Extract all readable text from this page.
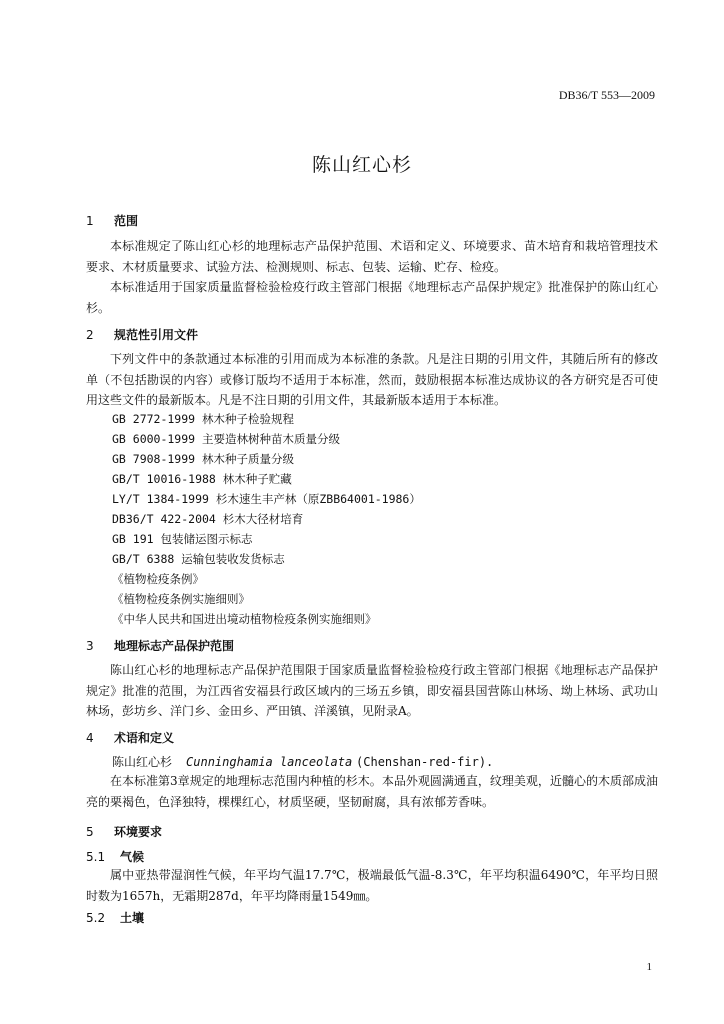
DB36/T 553—2009
陈山红心杉
1 范围
本标准规定了陈山红心杉的地理标志产品保护范围、术语和定义、环境要求、苗木培育和栽培管理技术要求、木材质量要求、试验方法、检测规则、标志、包装、运输、贮存、检疫。
本标准适用于国家质量监督检验检疫行政主管部门根据《地理标志产品保护规定》批准保护的陈山红心杉。
2 规范性引用文件
下列文件中的条款通过本标准的引用而成为本标准的条款。凡是注日期的引用文件，其随后所有的修改单（不包括勘误的内容）或修订版均不适用于本标准，然而，鼓励根据本标准达成协议的各方研究是否可使用这些文件的最新版本。凡是不注日期的引用文件，其最新版本适用于本标准。
GB 2772-1999 林木种子检验规程
GB 6000-1999 主要造林树种苗木质量分级
GB 7908-1999 林木种子质量分级
GB/T 10016-1988 林木种子贮藏
LY/T 1384-1999 杉木速生丰产林（原ZBB64001-1986）
DB36/T 422-2004 杉木大径材培育
GB 191 包装储运图示标志
GB/T 6388 运输包装收发货标志
《植物检疫条例》
《植物检疫条例实施细则》
《中华人民共和国进出境动植物检疫条例实施细则》
3 地理标志产品保护范围
陈山红心杉的地理标志产品保护范围限于国家质量监督检验检疫行政主管部门根据《地理标志产品保护规定》批准的范围，为江西省安福县行政区域内的三场五乡镇，即安福县国营陈山林场、坳上林场、武功山林场，彭坊乡、洋门乡、金田乡、严田镇、洋溪镇，见附录A。
4 术语和定义
陈山红心杉 Cunninghamia lanceolata (Chenshan-red-fir).
在本标准第3章规定的地理标志范围内种植的杉木。本品外观圆满通直，纹理美观，近髓心的木质部成油亮的栗褐色，色泽独特，棵棵红心，材质坚硬，坚韧耐腐，具有浓郁芳香味。
5 环境要求
5.1 气候
属中亚热带湿润性气候，年平均气温17.7℃，极端最低气温-8.3℃，年平均积温6490℃，年平均日照时数为1657h，无霜期287d，年平均降雨量1549㎜。
5.2 土壤
1
